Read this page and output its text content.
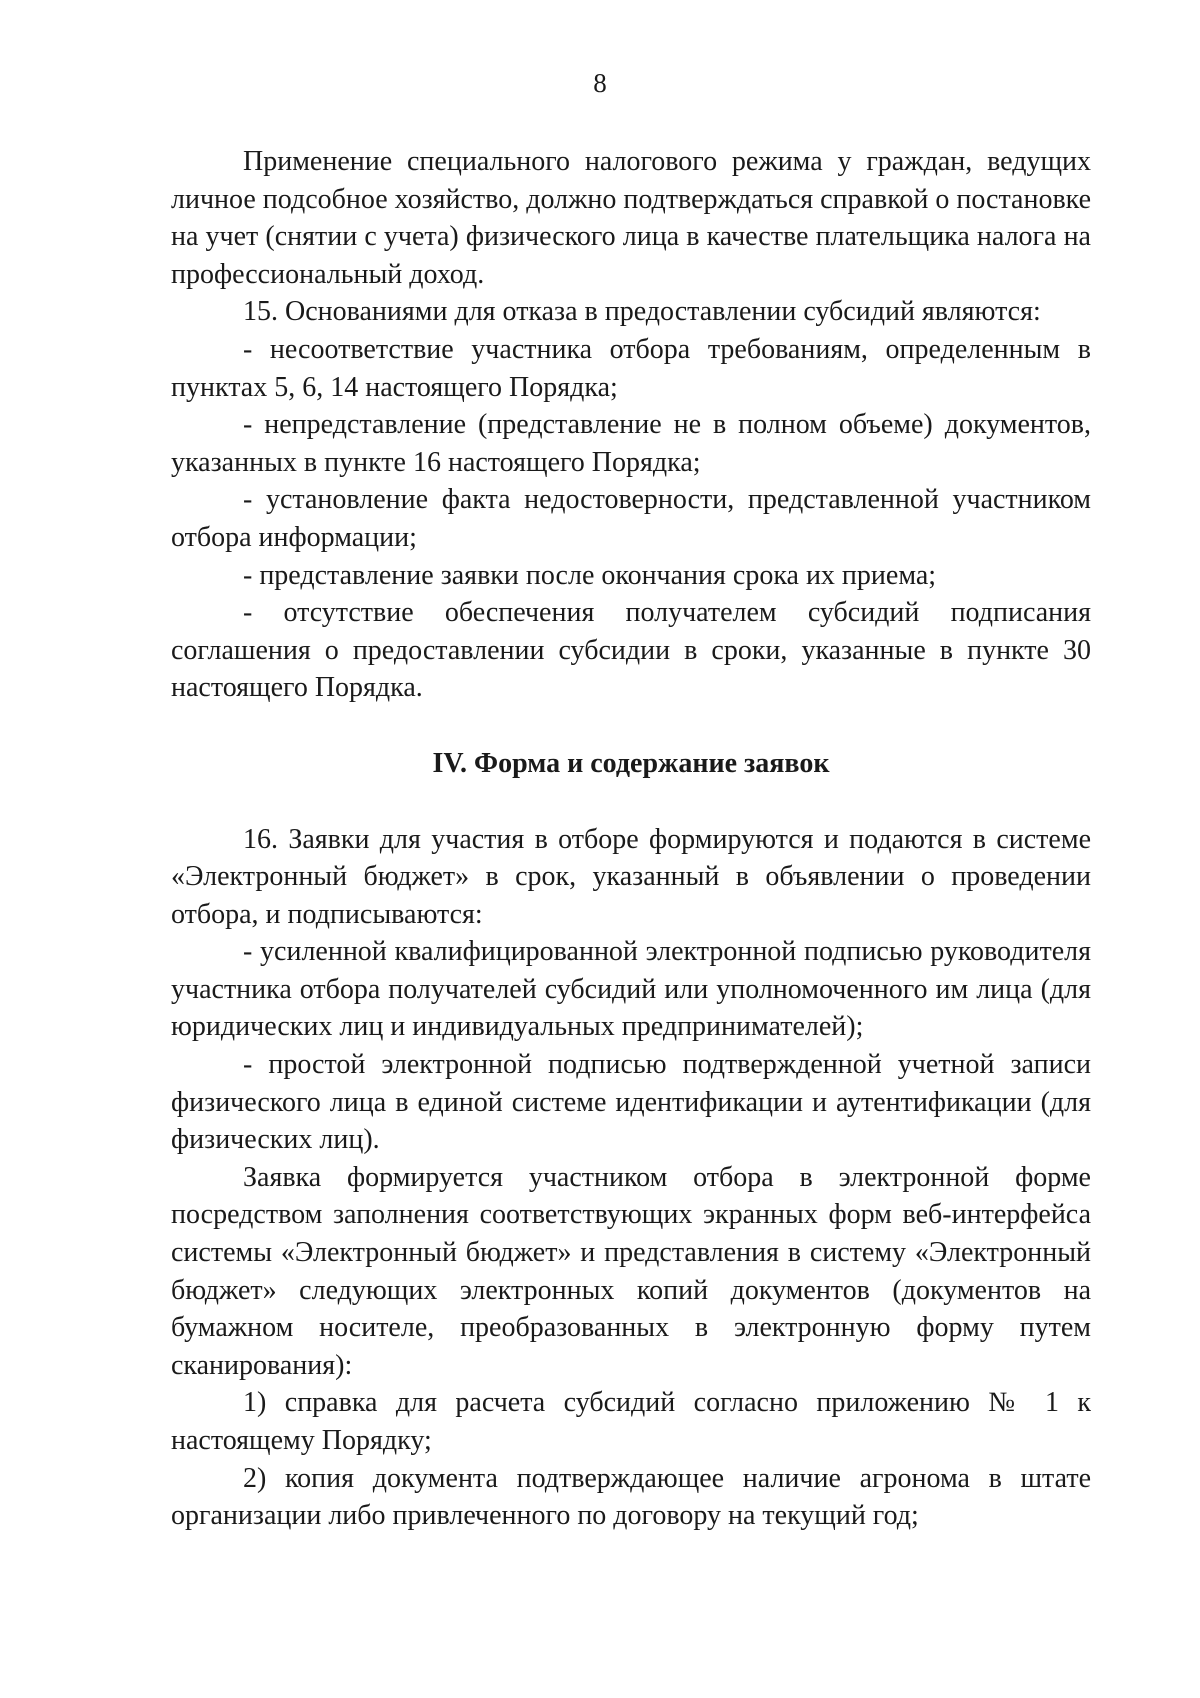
8

Применение специального налогового режима у граждан, ведущих личное подсобное хозяйство, должно подтверждаться справкой о постановке на учет (снятии с учета) физического лица в качестве плательщика налога на профессиональный доход.

15. Основаниями для отказа в предоставлении субсидий являются:

- несоответствие участника отбора требованиям, определенным в пунктах 5, 6, 14 настоящего Порядка;

- непредставление (представление не в полном объеме) документов, указанных в пункте 16 настоящего Порядка;

- установление факта недостоверности, представленной участником отбора информации;

- представление заявки после окончания срока их приема;

- отсутствие обеспечения получателем субсидий подписания соглашения о предоставлении субсидии в сроки, указанные в пункте 30 настоящего Порядка.

IV. Форма и содержание заявок

16. Заявки для участия в отборе формируются и подаются в системе «Электронный бюджет» в срок, указанный в объявлении о проведении отбора, и подписываются:

- усиленной квалифицированной электронной подписью руководителя участника отбора получателей субсидий или уполномоченного им лица (для юридических лиц и индивидуальных предпринимателей);

- простой электронной подписью подтвержденной учетной записи физического лица в единой системе идентификации и аутентификации (для физических лиц).

Заявка формируется участником отбора в электронной форме посредством заполнения соответствующих экранных форм веб-интерфейса системы «Электронный бюджет» и представления в систему «Электронный бюджет» следующих электронных копий документов (документов на бумажном носителе, преобразованных в электронную форму путем сканирования):

1) справка для расчета субсидий согласно приложению № 1 к настоящему Порядку;

2) копия документа подтверждающее наличие агронома в штате организации либо привлеченного по договору на текущий год;
